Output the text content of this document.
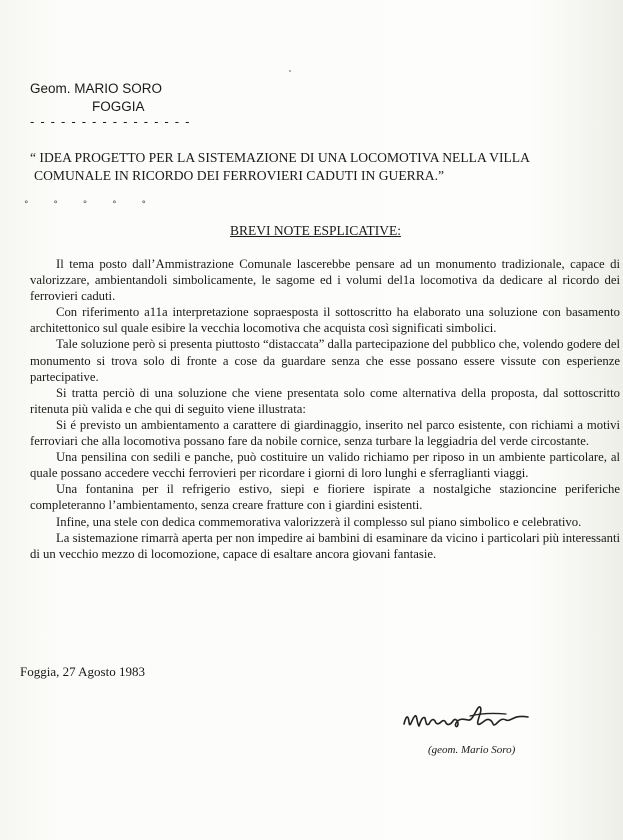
Geom. MARIO SORO
FOGGIA
- - - - - - - - - - - - - - - -
“ IDEA PROGETTO PER LA SISTEMAZIONE DI UNA LOCOMOTIVA NELLA VILLA
COMUNALE IN RICORDO DEI FERROVIERI CADUTI IN GUERRA.”
° ° ° ° °
BREVI NOTE ESPLICATIVE:

Il tema posto dall’Ammistrazione Comunale lascerebbe pensare ad un monumento tradizionale, capace di valorizzare, ambientandoli simbolicamente, le sagome ed i volumi del1a locomotiva da dedicare al ricordo dei ferrovieri caduti.

Con riferimento a11a interpretazione sopraesposta il sottoscritto ha elaborato una soluzione con basamento architettonico sul quale esibire la vecchia locomotiva che acquista così significati simbolici.

Tale soluzione però si presenta piuttosto “distaccata” dalla partecipazione del pubblico che, volendo godere del monumento si trova solo di fronte a cose da guardare senza che esse possano essere vissute con esperienze partecipative.

Si tratta perciò di una soluzione che viene presentata solo come alternativa della proposta, dal sottoscritto ritenuta più valida e che qui di seguito viene illustrata:

Si é previsto un ambientamento a carattere di giardinaggio, inserito nel parco esistente, con richiami a motivi ferroviari che alla locomotiva possano fare da nobile cornice, senza turbare la leggiadria del verde circostante.

Una pensilina con sedili e panche, può costituire un valido richiamo per riposo in un ambiente particolare, al quale possano accedere vecchi ferrovieri per ricordare i giorni di loro lunghi e sferraglianti viaggi.

Una fontanina per il refrigerio estivo, siepi e fioriere ispirate a nostalgiche stazioncine periferiche completeranno l’ambientamento, senza creare fratture con i giardini esistenti.

Infine, una stele con dedica commemorativa valorizzerà il complesso sul piano simbolico e celebrativo.

La sistemazione rimarrà aperta per non impedire ai bambini di esaminare da vicino i particolari più interessanti di un vecchio mezzo di locomozione, capace di esaltare ancora giovani fantasie.

Foggia, 27 Agosto 1983
(geom. Mario Soro)
